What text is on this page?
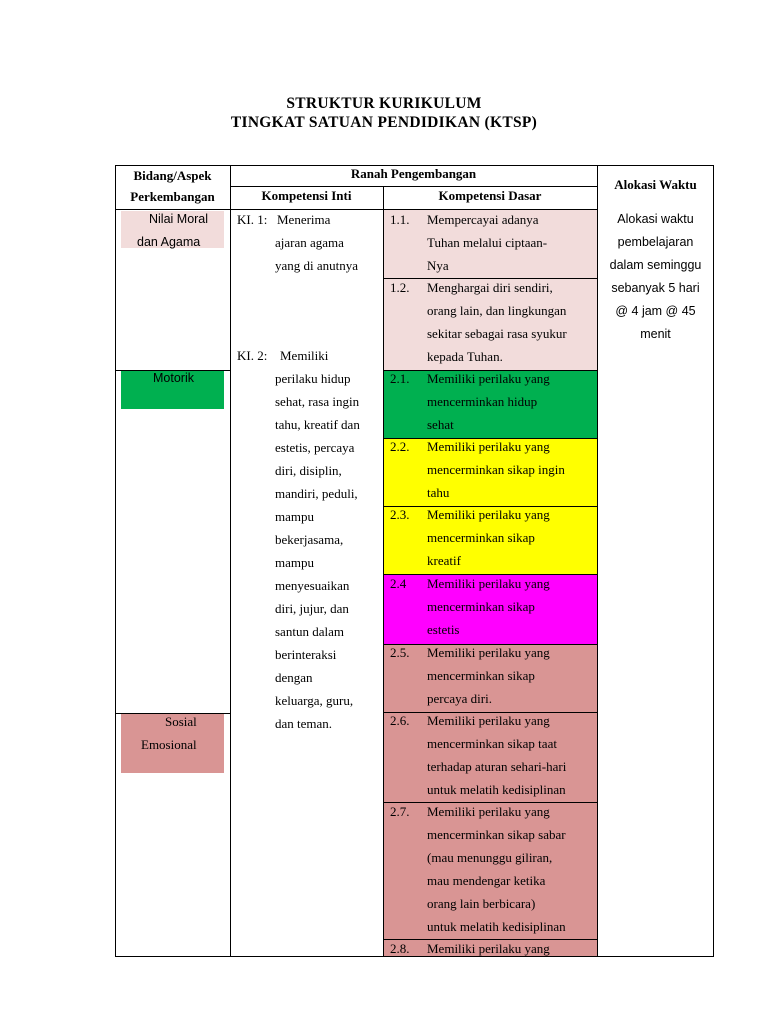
STRUKTUR KURIKULUM
TINGKAT SATUAN PENDIDIKAN (KTSP)
Bidang/Aspek
Perkembangan
Ranah Pengembangan
Kompetensi Inti	Kompetensi Dasar
Alokasi Waktu
Nilai Moral
dan Agama
Motorik
Sosial
Emosional
KI. 1: Menerima
ajaran agama
yang di anutnya
KI. 2: Memiliki
perilaku hidup
sehat, rasa ingin
tahu, kreatif dan
estetis, percaya
diri, disiplin,
mandiri, peduli,
mampu
bekerjasama,
mampu
menyesuaikan
diri, jujur, dan
santun dalam
berinteraksi
dengan
keluarga, guru,
dan teman.
1.1. Mempercayai adanya
Tuhan melalui ciptaan-
Nya
1.2. Menghargai diri sendiri,
orang lain, dan lingkungan
sekitar sebagai rasa syukur
kepada Tuhan.
2.1. Memiliki perilaku yang
mencerminkan hidup
sehat
2.2. Memiliki perilaku yang
mencerminkan sikap ingin
tahu
2.3. Memiliki perilaku yang
mencerminkan sikap
kreatif
2.4 Memiliki perilaku yang
mencerminkan sikap
estetis
2.5. Memiliki perilaku yang
mencerminkan sikap
percaya diri.
2.6. Memiliki perilaku yang
mencerminkan sikap taat
terhadap aturan sehari-hari
untuk melatih kedisiplinan
2.7. Memiliki perilaku yang
mencerminkan sikap sabar
(mau menunggu giliran,
mau mendengar ketika
orang lain berbicara)
untuk melatih kedisiplinan
2.8. Memiliki perilaku yang
Alokasi waktu
pembelajaran
dalam seminggu
sebanyak 5 hari
@ 4 jam @ 45
menit
